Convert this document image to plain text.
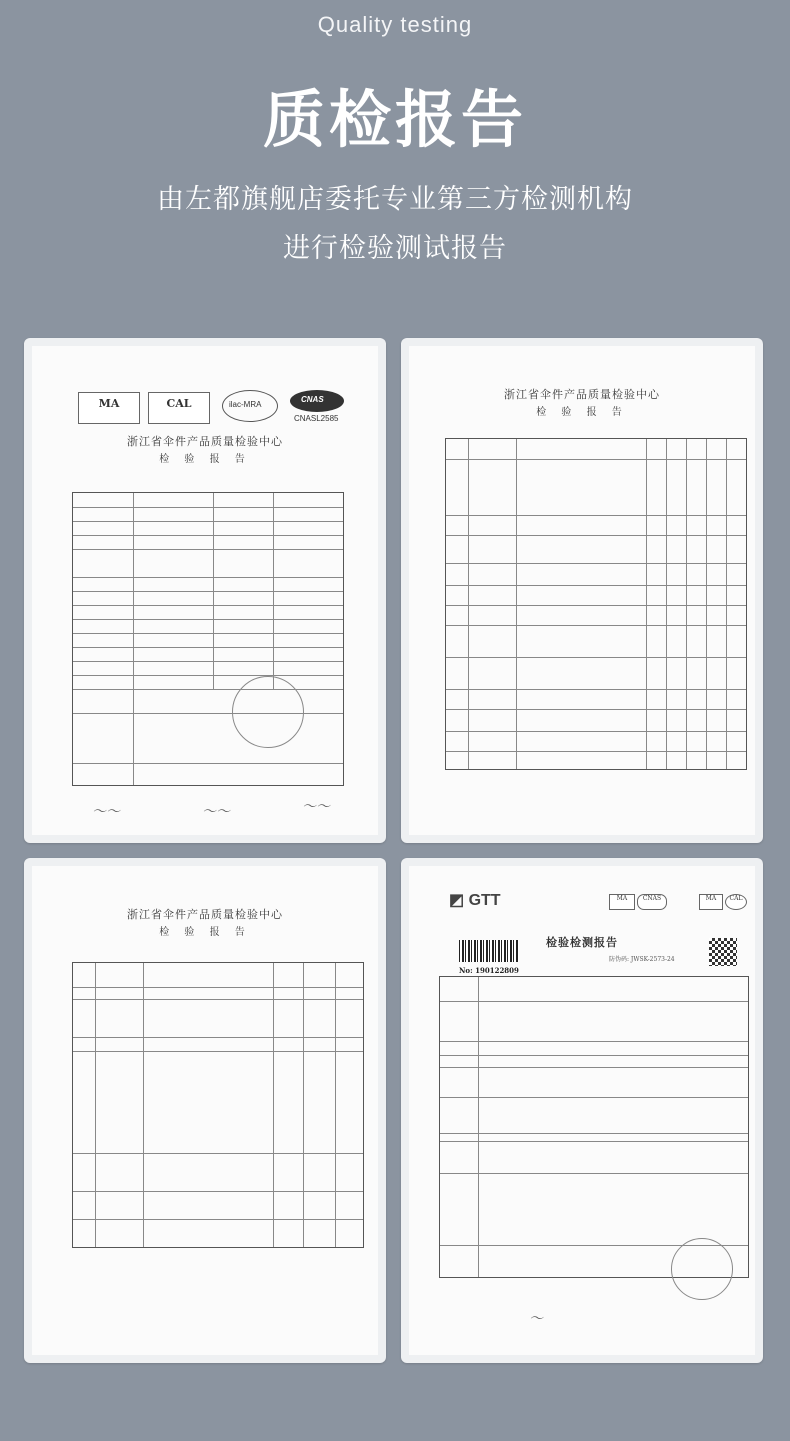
Quality testing
质检报告
由左都旗舰店委托专业第三方检测机构
进行检验测试报告
MA	CAL	ilac-MRA
CNAS
CNASL2585
浙江省伞件产品质量检验中心
检 验 报 告
〜〜	〜〜	〜〜
浙江省伞件产品质量检验中心
检 验 报 告
浙江省伞件产品质量检验中心
检 验 报 告
◩ GTT	MA	CNAS	MA	CAL
检验检测报告
No: 190122809
防伪码: JWSK-2573-24
〜
